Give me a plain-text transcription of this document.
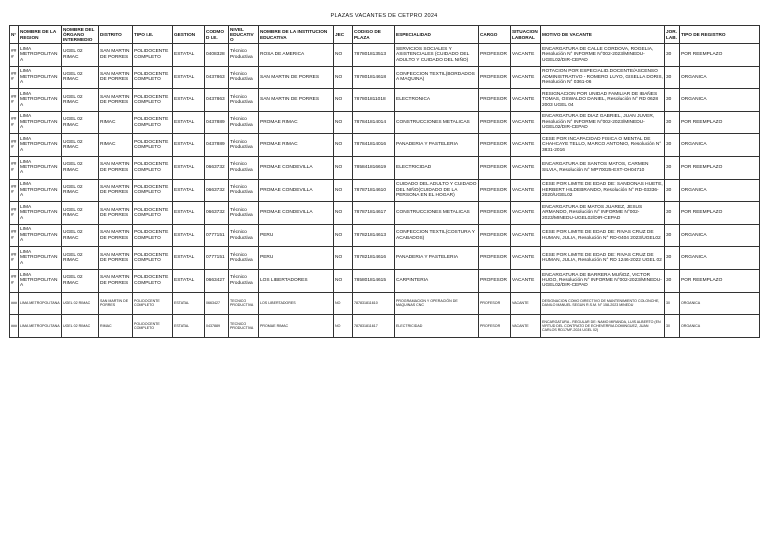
PLAZAS VACANTES DE CETPRO 2024
N°	NOMBRE DE LA REGION	NOMBRE DEL ÓRGANO INTERMEDIO	DISTRITO	TIPO I.E.	GESTION	CODMOD I.E.	NIVEL EDUCATIVO	NOMBRE DE LA INSTITUCION EDUCATIVA	JEC	CODIGO DE PLAZA	ESPECIALIDAD	CARGO	SITUACION LABORAL	MOTIVO DE VACANTE	JOR. LAB.	TIPO DE REGISTRO
###	LIMA METROPOLITAN A	UGEL 02 RIMAC	SAN MARTIN DE PORRES	POLIDOCENTE COMPLETO	ESTATAL	0408328	Técnico Productiva	ROSA DE AMERICA	NO	787801813513	SERVICIOS SOCIALES Y ASISTENCIALES (CUIDADO DEL ADULTO Y CUIDADO DEL NIÑO)	PROFESOR	VACANTE	ENCARGATURA DE CALLE CORDOVA, ROGELIA, Resolución N° INFORME N°002-2023/MINEDU-UGEL02/DIR-CEPAD	30	POR REEMPLAZO
###	LIMA METROPOLITAN A	UGEL 02 RIMAC	SAN MARTIN DE PORRES	POLIDOCENTE COMPLETO	ESTATAL	0437863	Técnico Productiva	SAN MARTIN DE PORRES	NO	787801814618	CONFECCION TEXTIL(BORDADOS A MAQUINA)	PROFESOR	VACANTE	ROTACION POR ESPECIALID.DOCENTE/ASCENSO ADMINISTRATIVO - ROMERO LUYO, GISELLA DORIS, Resolución N° 0361-06	30	ORGANICA
###	LIMA METROPOLITAN A	UGEL 02 RIMAC	SAN MARTIN DE PORRES	POLIDOCENTE COMPLETO	ESTATAL	0437863	Técnico Productiva	SAN MARTIN DE PORRES	NO	787801811018	ELECTRONICA	PROFESOR	VACANTE	RESIGNACION POR UNIDAD FAMILIAR DE IBAÑES TOMAS, OSWALDO DANIEL, Resolución N° RD 0628 2003 UGEL 04	30	ORGANICA
###	LIMA METROPOLITAN A	UGEL 02 RIMAC	RIMAC	POLIDOCENTE COMPLETO	ESTATAL	0437889	Técnico Productiva	PROMAE RIMAC	NO	787841814014	CONSTRUCCIONES METALICAS	PROFESOR	VACANTE	ENCARGATURA DE DIAZ GABRIEL, JUAN JUVER, Resolución N° INFORME N°002-2023/MINEDU-UGEL02/DIR-CEPAD	30	POR REEMPLAZO
###	LIMA METROPOLITAN A	UGEL 02 RIMAC	RIMAC	POLIDOCENTE COMPLETO	ESTATAL	0437889	Técnico Productiva	PROMAE RIMAC	NO	787841814016	PANADERIA Y PASTELERIA	PROFESOR	VACANTE	CESE POR INCAPACIDAD FISICA O MENTAL DE CHAHCAYE TELLO, MARCO ANTONIO, Resolución N° 3831-2016	30	ORGANICA
###	LIMA METROPOLITAN A	UGEL 02 RIMAC	SAN MARTIN DE PORRES	POLIDOCENTE COMPLETO	ESTATAL	0663732	Técnico Productiva	PROMAE CONDEVILLA	NO	785841816619	ELECTRICIDAD	PROFESOR	VACANTE	ENCARGATURA DE SANTOS MATOS, CARMEN SILVIA, Resolución N° MP70025-EXT-OH04710	30	POR REEMPLAZO
###	LIMA METROPOLITAN A	UGEL 02 RIMAC	SAN MARTIN DE PORRES	POLIDOCENTE COMPLETO	ESTATAL	0663732	Técnico Productiva	PROMAE CONDEVILLA	NO	787871814610	CUIDADO DEL ADULTO Y CUIDADO DEL NIÑO(CUIDADO DE LA PERSONA EN EL HOGAR)	PROFESOR	VACANTE	CESE POR LIMITE DE EDAD DE: SANDONAS HUETE, HERBERT HILDEBRANDO, Resolución N° RD-03336-2020/UGEL02	30	ORGANICA
###	LIMA METROPOLITAN A	UGEL 02 RIMAC	SAN MARTIN DE PORRES	POLIDOCENTE COMPLETO	ESTATAL	0663732	Técnico Productiva	PROMAE CONDEVILLA	NO	787871814617	CONSTRUCCIONES METALICAS	PROFESOR	VACANTE	ENCARGATURA DE MATOS JUAREZ, JESUS ARMANDO, Resolución N° INFORME N°002-2023/MINEDU-UGEL02/DIR-CEPAD	30	POR REEMPLAZO
###	LIMA METROPOLITAN A	UGEL 02 RIMAC	SAN MARTIN DE PORRES	POLIDOCENTE COMPLETO	ESTATAL	0777151	Técnico Productiva	PERU	NO	787821814613	CONFECCION TEXTIL(COSTURA Y ACABADOS)	PROFESOR	VACANTE	CESE POR LIMITE DE EDAD DE: RIVAS CRUZ DE HUMAN, JULIA, Resolución N° RD-0404 2023/UGEL02	30	ORGANICA
###	LIMA METROPOLITAN A	UGEL 02 RIMAC	SAN MARTIN DE PORRES	POLIDOCENTE COMPLETO	ESTATAL	0777151	Técnico Productiva	PERU	NO	787821814616	PANADERIA Y PASTELERIA	PROFESOR	VACANTE	CESE POR LIMITE DE EDAD DE: RIVAS CRUZ DE HUMAN, JULIA, Resolución N° RD 1246-2022 UGEL 02	30	ORGANICA
###	LIMA METROPOLITAN A	UGEL 02 RIMAC	SAN MARTIN DE PORRES	POLIDOCENTE COMPLETO	ESTATAL	0663427	Técnico Productiva	LOS LIBERTADORES	NO	785801814615	CARPINTERIA	PROFESOR	VACANTE	ENCARGATURA DE BARRERA MUÑOZ, VICTOR HUGO, Resolución N° INFORME N°002-2023/MINEDU-UGEL02/DIR-CEPAD	30	POR REEMPLAZO
###	LIMA METROPOLITANA	UGEL 02 RIMAC	SAN MARTIN DE PORRES	POLIDOCENTE COMPLETO	ESTATAL	0663427	TECNICO PRODUCTIVA	LOS LIBERTADORES	NO	787831811610	PROGRAMACION Y OPERACIÓN DE MAQUINAS CNC	PROFESOR	VACANTE	DESIGNACION COMO DIRECTIVO DE MANTENIMIENTO COLONCHE, DANILO MANUEL SEGUN R.S.M. N° 158-2023 MINEDU	30	ORGANICA
###	LIMA METROPOLITANA	UGEL 02 RIMAC	RIMAC	POLIDOCENTE COMPLETO	ESTATAL	0437889	TECNICO PRODUCTIVA	PROMAE RIMAC	NO	787831811617	ELECTRICIDAD	PROFESOR	VACANTE	ENCARGATURA - REGULAR DE: NAMO MIRANDA, LUIS ALBERTO (EN VIRTUD DEL CONTRATO DE ECHEVERRIA DOMINGUEZ, JUAN CARLOS RD17MF-2024 UGEL 02)	30	ORGANICA
